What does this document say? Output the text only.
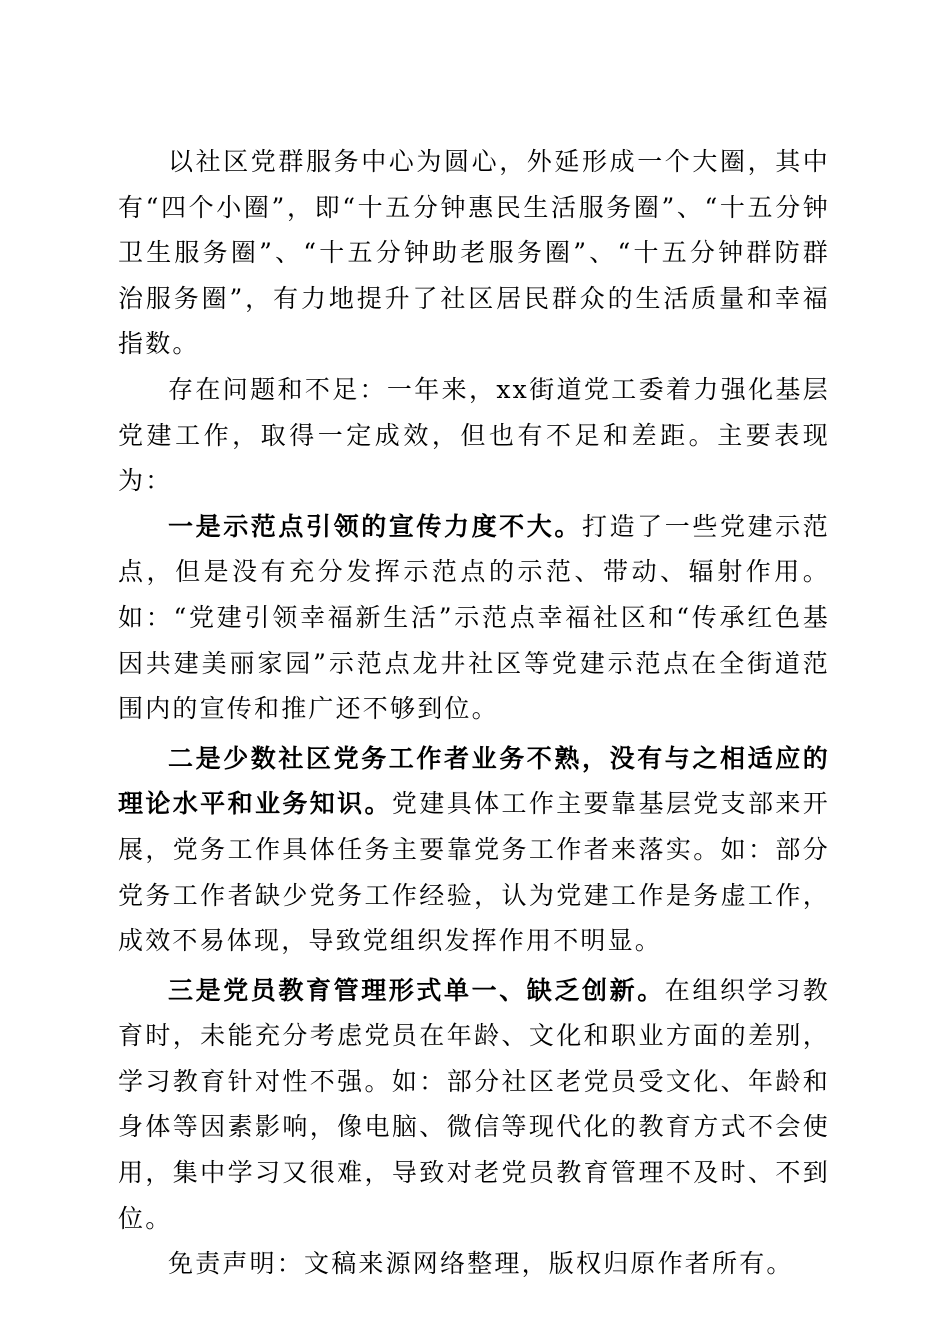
以社区党群服务中心为圆心，外延形成一个大圈，其中有“四个小圈”，即“十五分钟惠民生活服务圈”、“十五分钟卫生服务圈”、“十五分钟助老服务圈”、“十五分钟群防群治服务圈”，有力地提升了社区居民群众的生活质量和幸福指数。

存在问题和不足：一年来，xx街道党工委着力强化基层党建工作，取得一定成效，但也有不足和差距。主要表现为：

一是示范点引领的宣传力度不大。打造了一些党建示范点，但是没有充分发挥示范点的示范、带动、辐射作用。如：“党建引领幸福新生活”示范点幸福社区和“传承红色基因共建美丽家园”示范点龙井社区等党建示范点在全街道范围内的宣传和推广还不够到位。

二是少数社区党务工作者业务不熟，没有与之相适应的理论水平和业务知识。党建具体工作主要靠基层党支部来开展，党务工作具体任务主要靠党务工作者来落实。如：部分党务工作者缺少党务工作经验，认为党建工作是务虚工作，成效不易体现，导致党组织发挥作用不明显。

三是党员教育管理形式单一、缺乏创新。在组织学习教育时，未能充分考虑党员在年龄、文化和职业方面的差别，学习教育针对性不强。如：部分社区老党员受文化、年龄和身体等因素影响，像电脑、微信等现代化的教育方式不会使用，集中学习又很难，导致对老党员教育管理不及时、不到位。

免责声明：文稿来源网络整理，版权归原作者所有。
